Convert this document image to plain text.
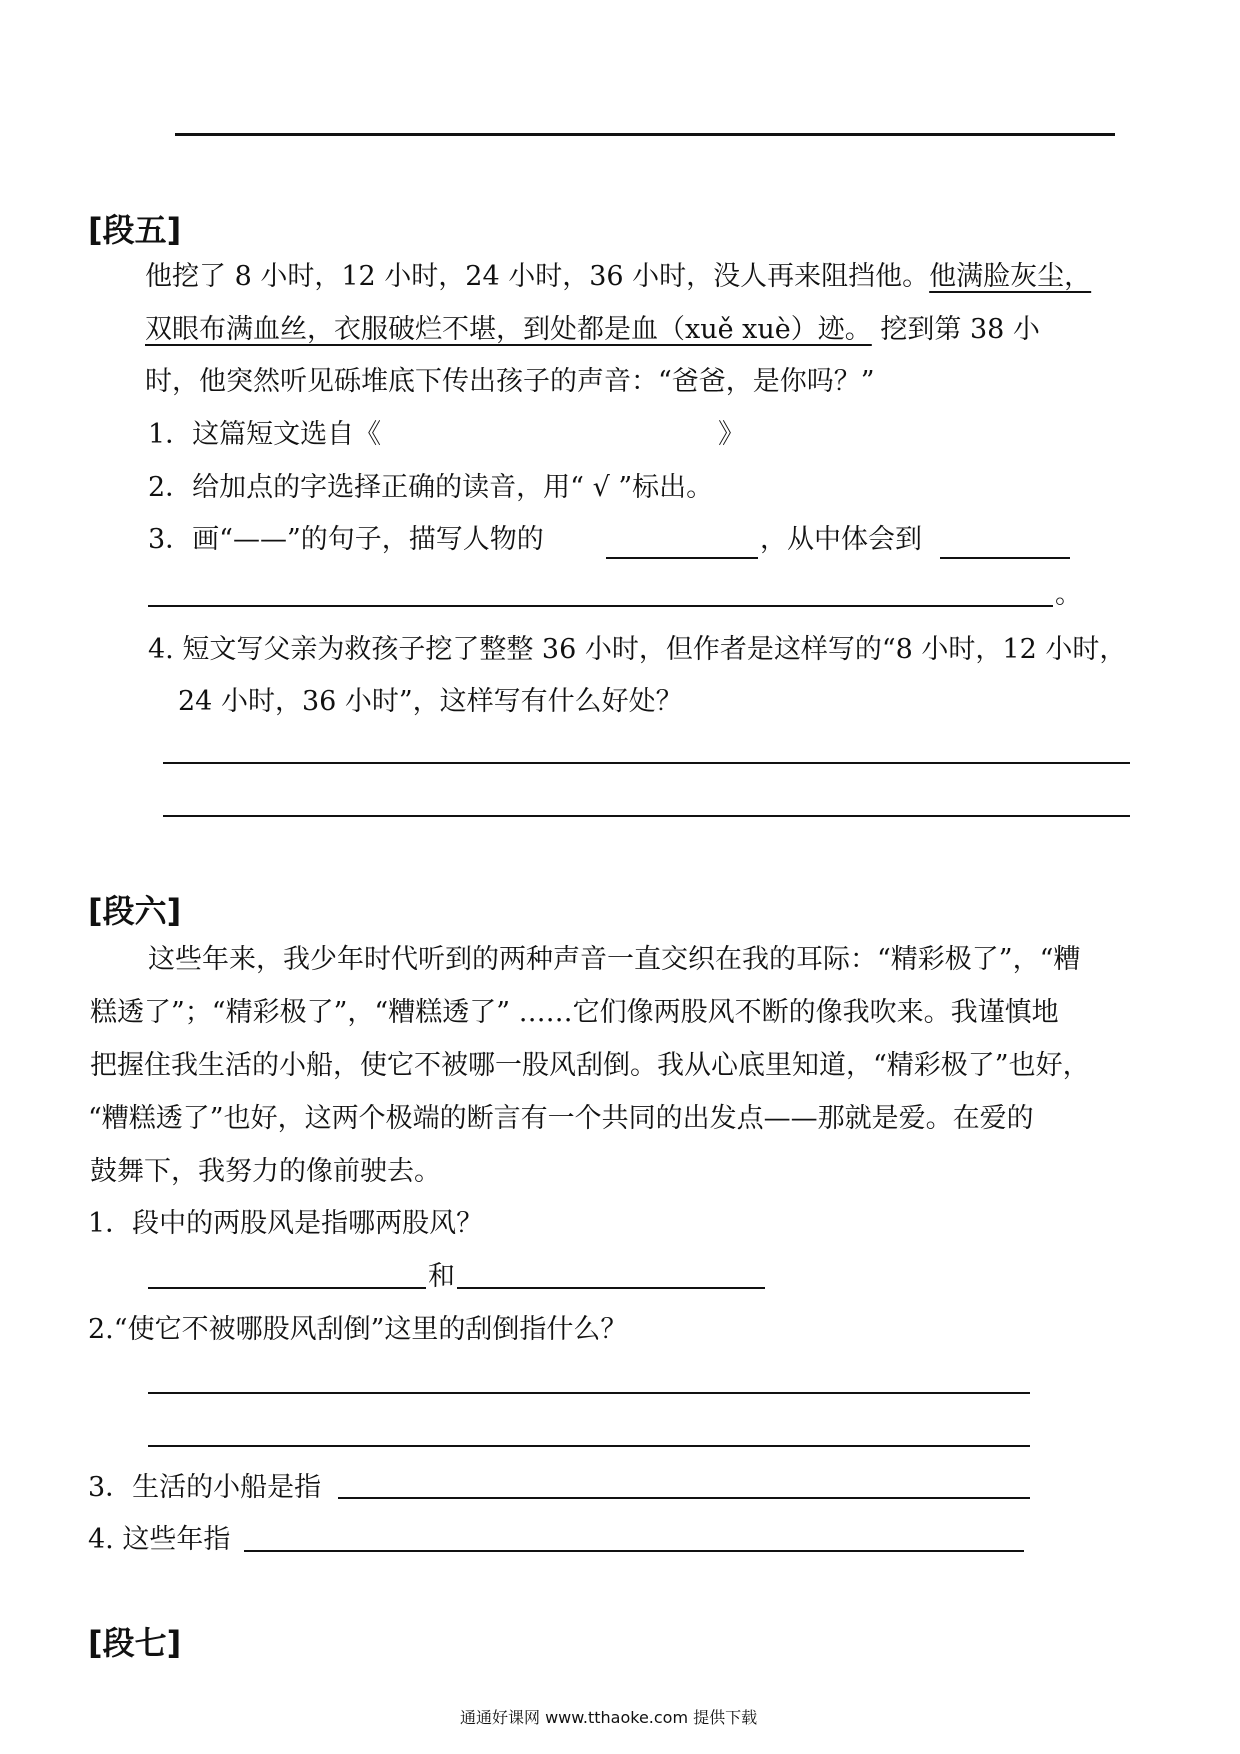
[段五]
他挖了 8 小时，12 小时，24 小时，36 小时，没人再来阻挡他。他满脸灰尘，
双眼布满血丝，衣服破烂不堪，到处都是血（xuě xuè）迹。 挖到第 38 小
时，他突然听见砾堆底下传出孩子的声音：“爸爸，是你吗？”
1．这篇短文选自《	》
2．给加点的字选择正确的读音，用“ √ ”标出。
3．画“——”的句子，描写人物的	，从中体会到
。
4. 短文写父亲为救孩子挖了整整 36 小时，但作者是这样写的“8 小时，12 小时，
24 小时，36 小时”，这样写有什么好处？
[段六]
这些年来，我少年时代听到的两种声音一直交织在我的耳际：“精彩极了”，“糟
糕透了”；“精彩极了”，“糟糕透了” ……它们像两股风不断的像我吹来。我谨慎地
把握住我生活的小船，使它不被哪一股风刮倒。我从心底里知道，“精彩极了”也好，
“糟糕透了”也好，这两个极端的断言有一个共同的出发点——那就是爱。在爱的
鼓舞下，我努力的像前驶去。
1．段中的两股风是指哪两股风？
和
2.“使它不被哪股风刮倒”这里的刮倒指什么？
3．生活的小船是指
4. 这些年指
[段七]
通通好课网 www.tthaoke.com 提供下载
